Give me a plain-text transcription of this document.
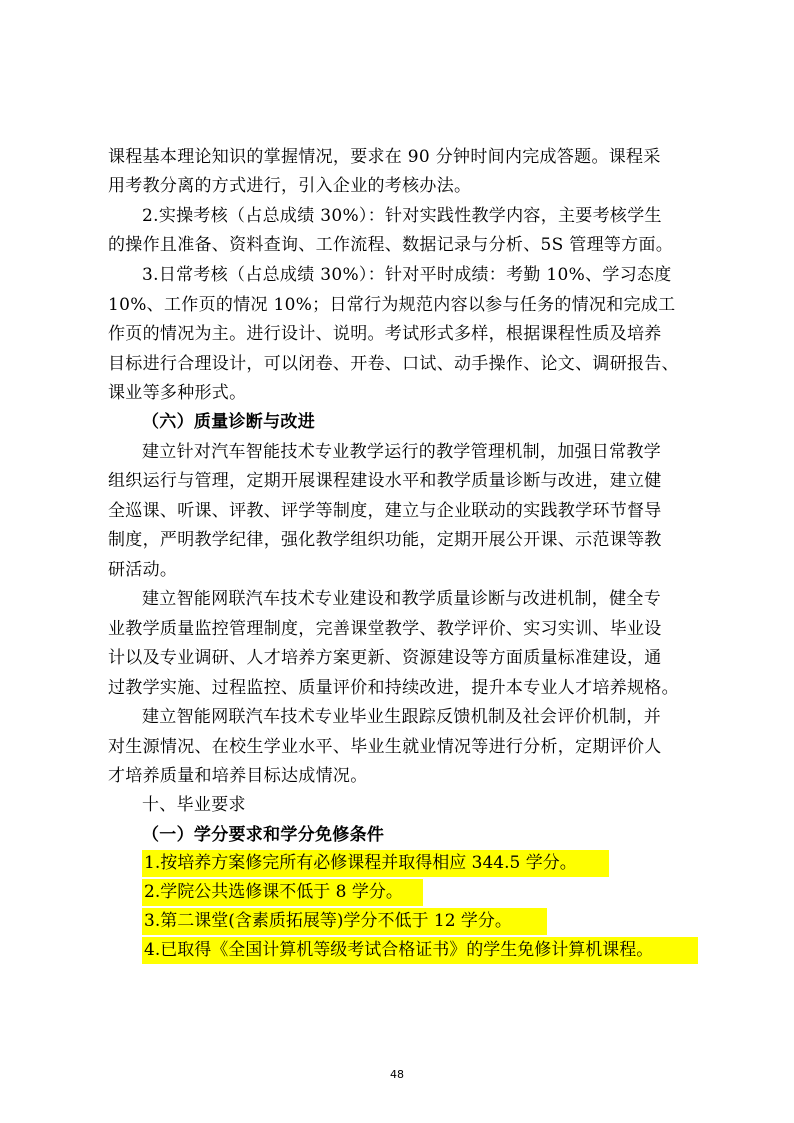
课程基本理论知识的掌握情况，要求在 90 分钟时间内完成答题。课程采
用考教分离的方式进行，引入企业的考核办法。
2.实操考核（占总成绩 30%）：针对实践性教学内容，主要考核学生
的操作且准备、资料查询、工作流程、数据记录与分析、5S 管理等方面。
3.日常考核（占总成绩 30%）：针对平时成绩：考勤 10%、学习态度
10%、工作页的情况 10%；日常行为规范内容以参与任务的情况和完成工
作页的情况为主。进行设计、说明。考试形式多样，根据课程性质及培养
目标进行合理设计，可以闭卷、开卷、口试、动手操作、论文、调研报告、
课业等多种形式。
（六）质量诊断与改进
建立针对汽车智能技术专业教学运行的教学管理机制，加强日常教学
组织运行与管理，定期开展课程建设水平和教学质量诊断与改进，建立健
全巡课、听课、评教、评学等制度，建立与企业联动的实践教学环节督导
制度，严明教学纪律，强化教学组织功能，定期开展公开课、示范课等教
研活动。
建立智能网联汽车技术专业建设和教学质量诊断与改进机制，健全专
业教学质量监控管理制度，完善课堂教学、教学评价、实习实训、毕业设
计以及专业调研、人才培养方案更新、资源建设等方面质量标准建设，通
过教学实施、过程监控、质量评价和持续改进，提升本专业人才培养规格。
建立智能网联汽车技术专业毕业生跟踪反馈机制及社会评价机制，并
对生源情况、在校生学业水平、毕业生就业情况等进行分析，定期评价人
才培养质量和培养目标达成情况。
十、毕业要求
（一）学分要求和学分免修条件
1.按培养方案修完所有必修课程并取得相应 344.5 学分。
2.学院公共选修课不低于 8 学分。
3.第二课堂(含素质拓展等)学分不低于 12 学分。
4.已取得《全国计算机等级考试合格证书》的学生免修计算机课程。
48
